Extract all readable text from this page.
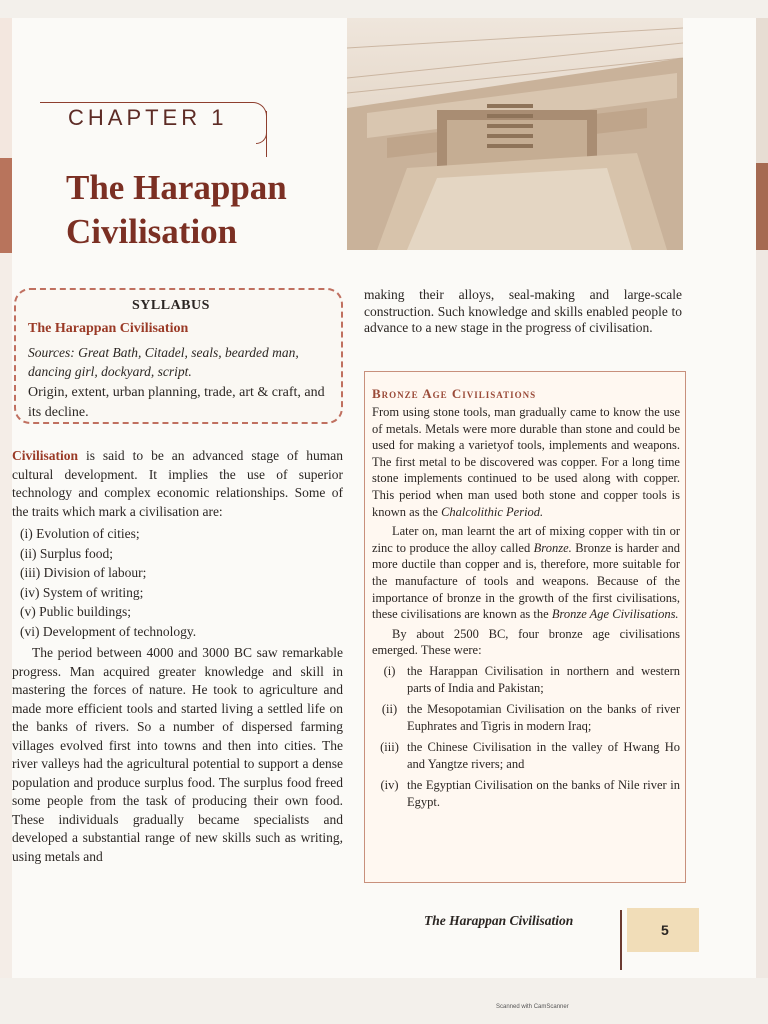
CHAPTER 1
The Harappan
Civilisation
SYLLABUS
The Harappan Civilisation
Sources: Great Bath, Citadel, seals, bearded man, dancing girl, dockyard, script.
Origin, extent, urban planning, trade, art & craft, and its decline.
Civilisation is said to be an advanced stage of human cultural development. It implies the use of superior technology and complex economic relationships. Some of the traits which mark a civilisation are:
(i) Evolution of cities;
(ii) Surplus food;
(iii) Division of labour;
(iv) System of writing;
(v) Public buildings;
(vi) Development of technology.
The period between 4000 and 3000 BC saw remarkable progress. Man acquired greater knowledge and skill in mastering the forces of nature. He took to agriculture and made more efficient tools and started living a settled life on the banks of rivers. So a number of dispersed farming villages evolved first into towns and then into cities. The river valleys had the agricultural potential to support a dense population and produce surplus food. The surplus food freed some people from the task of producing their own food. These individuals gradually became specialists and developed a substantial range of new skills such as writing, using metals and
making their alloys, seal-making and large-scale construction. Such knowledge and skills enabled people to advance to a new stage in the progress of civilisation.
Bronze Age Civilisations

From using stone tools, man gradually came to know the use of metals. Metals were more durable than stone and could be used for making a varietyof tools, implements and weapons. The first metal to be discovered was copper. For a long time stone implements continued to be used along with copper. This period when man used both stone and copper tools is known as the Chalcolithic Period.

Later on, man learnt the art of mixing copper with tin or zinc to produce the alloy called Bronze. Bronze is harder and more ductile than copper and is, therefore, more suitable for the manufacture of tools and weapons. Because of the importance of bronze in the growth of the first civilisations, these civilisations are known as the Bronze Age Civilisations.

By about 2500 BC, four bronze age civilisations emerged. These were:

(i) the Harappan Civilisation in northern and western parts of India and Pakistan;
(ii) the Mesopotamian Civilisation on the banks of river Euphrates and Tigris in modern Iraq;
(iii) the Chinese Civilisation in the valley of Hwang Ho and Yangtze rivers; and
(iv) the Egyptian Civilisation on the banks of Nile river in Egypt.
The Harappan Civilisation
5
Scanned with CamScanner
